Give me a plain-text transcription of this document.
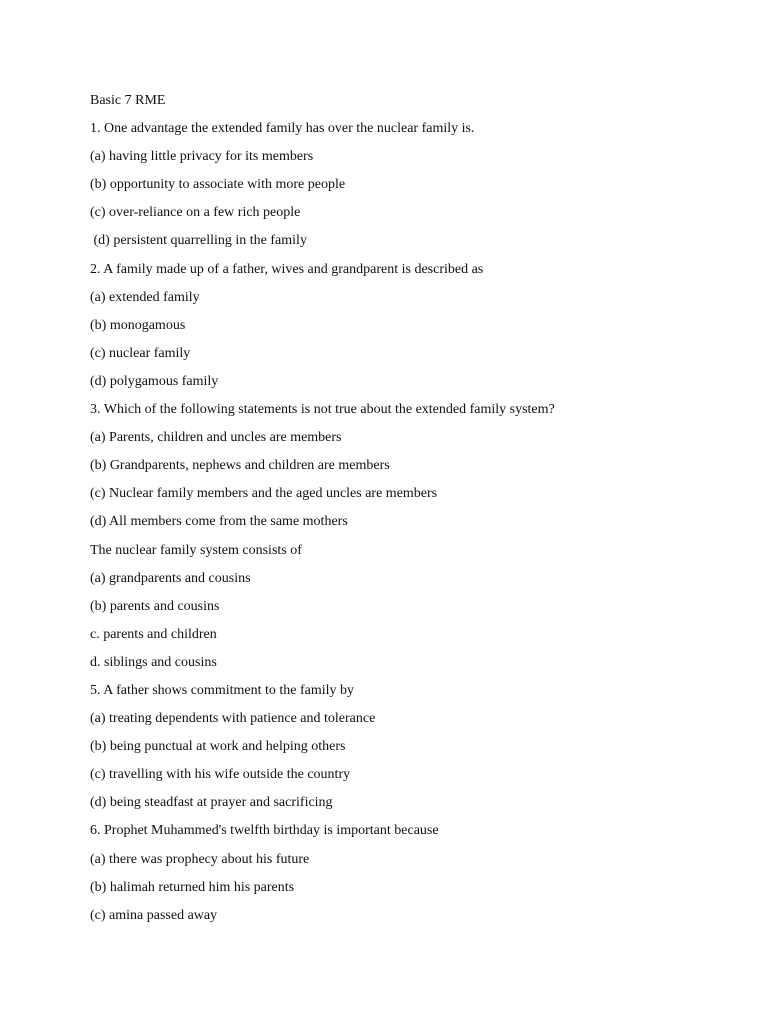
Basic 7 RME
1. One advantage the extended family has over the nuclear family is.
(a) having little privacy for its members
(b) opportunity to associate with more people
(c) over-reliance on a few rich people
(d) persistent quarrelling in the family
2. A family made up of a father, wives and grandparent is described as
(a) extended family
(b) monogamous
(c) nuclear family
(d) polygamous family
3. Which of the following statements is not true about the extended family system?
(a) Parents, children and uncles are members
(b) Grandparents, nephews and children are members
(c) Nuclear family members and the aged uncles are members
(d) All members come from the same mothers
The nuclear family system consists of
(a) grandparents and cousins
(b) parents and cousins
c. parents and children
d. siblings and cousins
5. A father shows commitment to the family by
(a) treating dependents with patience and tolerance
(b) being punctual at work and helping others
(c) travelling with his wife outside the country
(d) being steadfast at prayer and sacrificing
6. Prophet Muhammed's twelfth birthday is important because
(a) there was prophecy about his future
(b) halimah returned him his parents
(c) amina passed away
